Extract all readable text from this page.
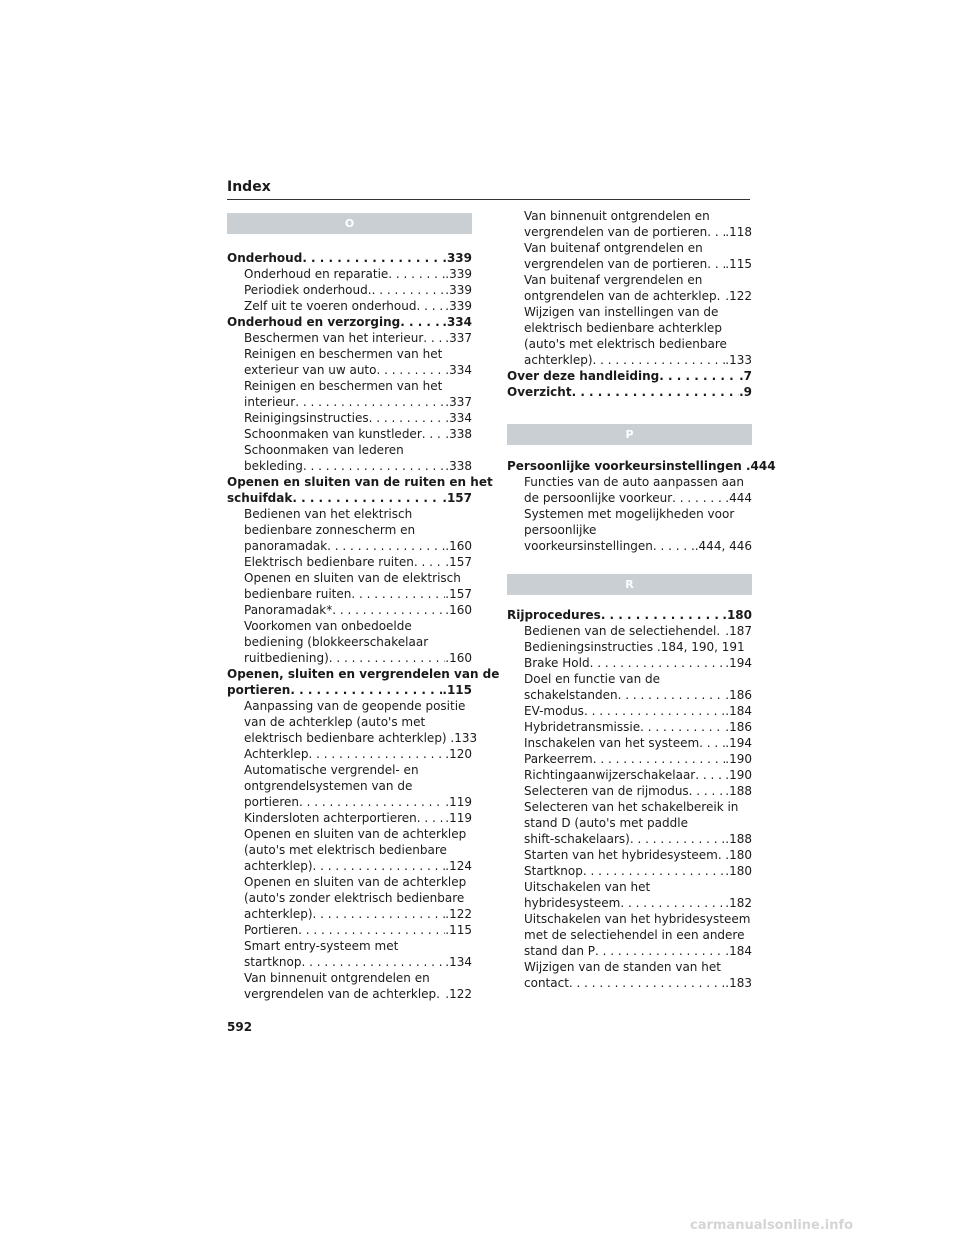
Index
O
Onderhoud . . .	.339
Onderhoud en reparatie . . .	.339
Periodiek onderhoud. . . .	.339
Zelf uit te voeren onderhoud . . . .339
Onderhoud en verzorging . . .	.334
Beschermen van het interieur . . . .337
Reinigen en beschermen van het
exterieur van uw auto . . .	.334
Reinigen en beschermen van het
interieur . . .	.337
Reinigingsinstructies . . .	.334
Schoonmaken van kunstleder . . . .338
Schoonmaken van lederen
bekleding . . .	.338
Openen en sluiten van de ruiten en het
schuifdak . . .	.157
Bedienen van het elektrisch
bedienbare zonnescherm en
panoramadak . . .	.160
Elektrisch bedienbare ruiten . . .	.157
Openen en sluiten van de elektrisch
bedienbare ruiten . . .	.157
Panoramadak* . . .	.160
Voorkomen van onbedoelde
bediening (blokkeerschakelaar
ruitbediening) . . .	.160
Openen, sluiten en vergrendelen van de
portieren . . .	.115
Aanpassing van de geopende positie
van de achterklep (auto's met
elektrisch bedienbare achterklep) .133
Achterklep . . .	.120
Automatische vergrendel- en
ontgrendelsystemen van de
portieren . . .	.119
Kindersloten achterportieren . . . .119
Openen en sluiten van de achterklep
(auto's met elektrisch bedienbare
achterklep) . . .	.124
Openen en sluiten van de achterklep
(auto's zonder elektrisch bedienbare
achterklep) . . .	.122
Portieren . . .	.115
Smart entry-systeem met
startknop . . .	.134
Van binnenuit ontgrendelen en
vergrendelen van de achterklep . . . .122
Van binnenuit ontgrendelen en
vergrendelen van de portieren . . . .118
Van buitenaf ontgrendelen en
vergrendelen van de portieren . . . .115
Van buitenaf vergrendelen en
ontgrendelen van de achterklep . . . .122
Wijzigen van instellingen van de
elektrisch bedienbare achterklep
(auto's met elektrisch bedienbare
achterklep) . . .	.133
Over deze handleiding . . .	.7
Overzicht . . .	.9
P
Persoonlijke voorkeursinstellingen .444
Functies van de auto aanpassen aan
de persoonlijke voorkeur . . .	.444
Systemen met mogelijkheden voor
persoonlijke
voorkeursinstellingen . . .	.444, 446
R
Rijprocedures . . .	.180
Bedienen van de selectiehendel . . . .187
Bedieningsinstructies .184, 190, 191
Brake Hold . . .	.194
Doel en functie van de
schakelstanden . . .	.186
EV-modus . . .	.184
Hybridetransmissie . . .	.186
Inschakelen van het systeem . . . .194
Parkeerrem . . .	.190
Richtingaanwijzerschakelaar . . .	.190
Selecteren van de rijmodus . . .	.188
Selecteren van het schakelbereik in
stand D (auto's met paddle
shift-schakelaars) . . .	.188
Starten van het hybridesysteem . . . .180
Startknop . . .	.180
Uitschakelen van het
hybridesysteem . . .	.182
Uitschakelen van het hybridesysteem
met de selectiehendel in een andere
stand dan P . . .	.184
Wijzigen van de standen van het
contact . . .	.183
592
carmanualsonline.info
